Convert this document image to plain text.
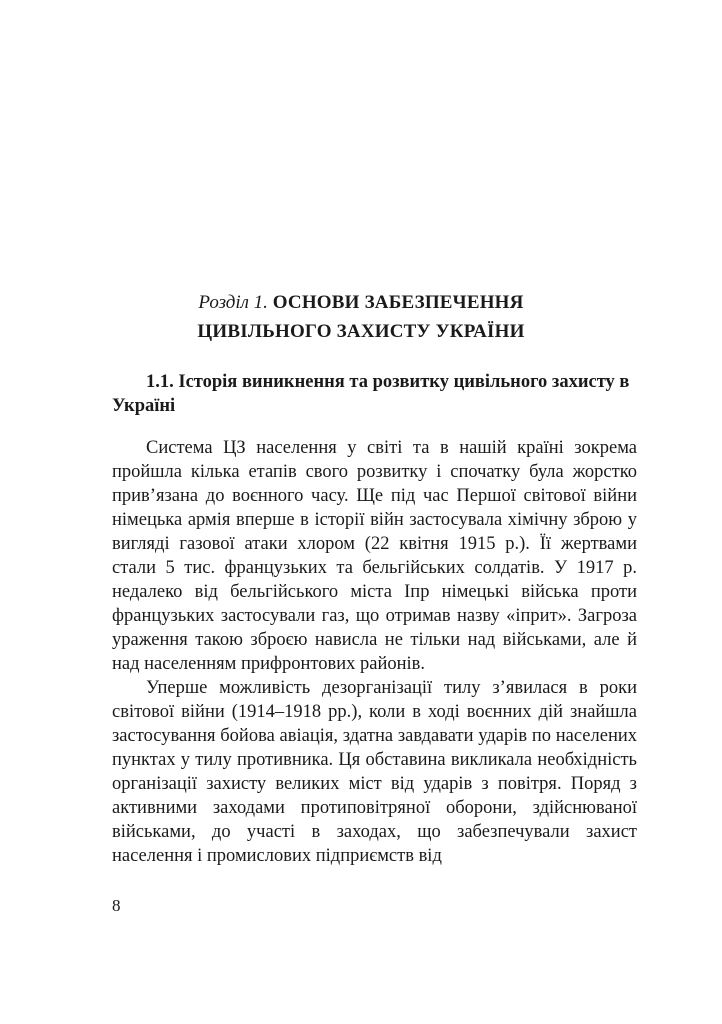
Розділ 1. ОСНОВИ ЗАБЕЗПЕЧЕННЯ
ЦИВІЛЬНОГО ЗАХИСТУ УКРАЇНИ
1.1. Історія виникнення та розвитку цивільного захисту в Україні

Система ЦЗ населення у світі та в нашій країні зокрема пройшла кілька етапів свого розвитку і спочатку була жорстко прив’язана до воєнного часу. Ще під час Першої світової війни німецька армія вперше в історії війн застосувала хімічну зброю у вигляді газової атаки хлором (22 квітня 1915 р.). Її жертвами стали 5 тис. французьких та бельгійських солдатів. У 1917 р. недалеко від бельгійського міста Іпр німецькі війська проти французьких застосували газ, що отримав назву «іприт». Загроза ураження такою зброєю нависла не тільки над військами, але й над населенням прифронтових районів.

Уперше можливість дезорганізації тилу з’явилася в роки світової війни (1914–1918 рр.), коли в ході воєнних дій знайшла застосування бойова авіація, здатна завдавати ударів по населених пунктах у тилу противника. Ця обставина викликала необхідність організації захисту великих міст від ударів з повітря. Поряд з активними заходами протиповітряної оборони, здійснюваної військами, до участі в заходах, що забезпечували захист населення і промислових підприємств від

8
